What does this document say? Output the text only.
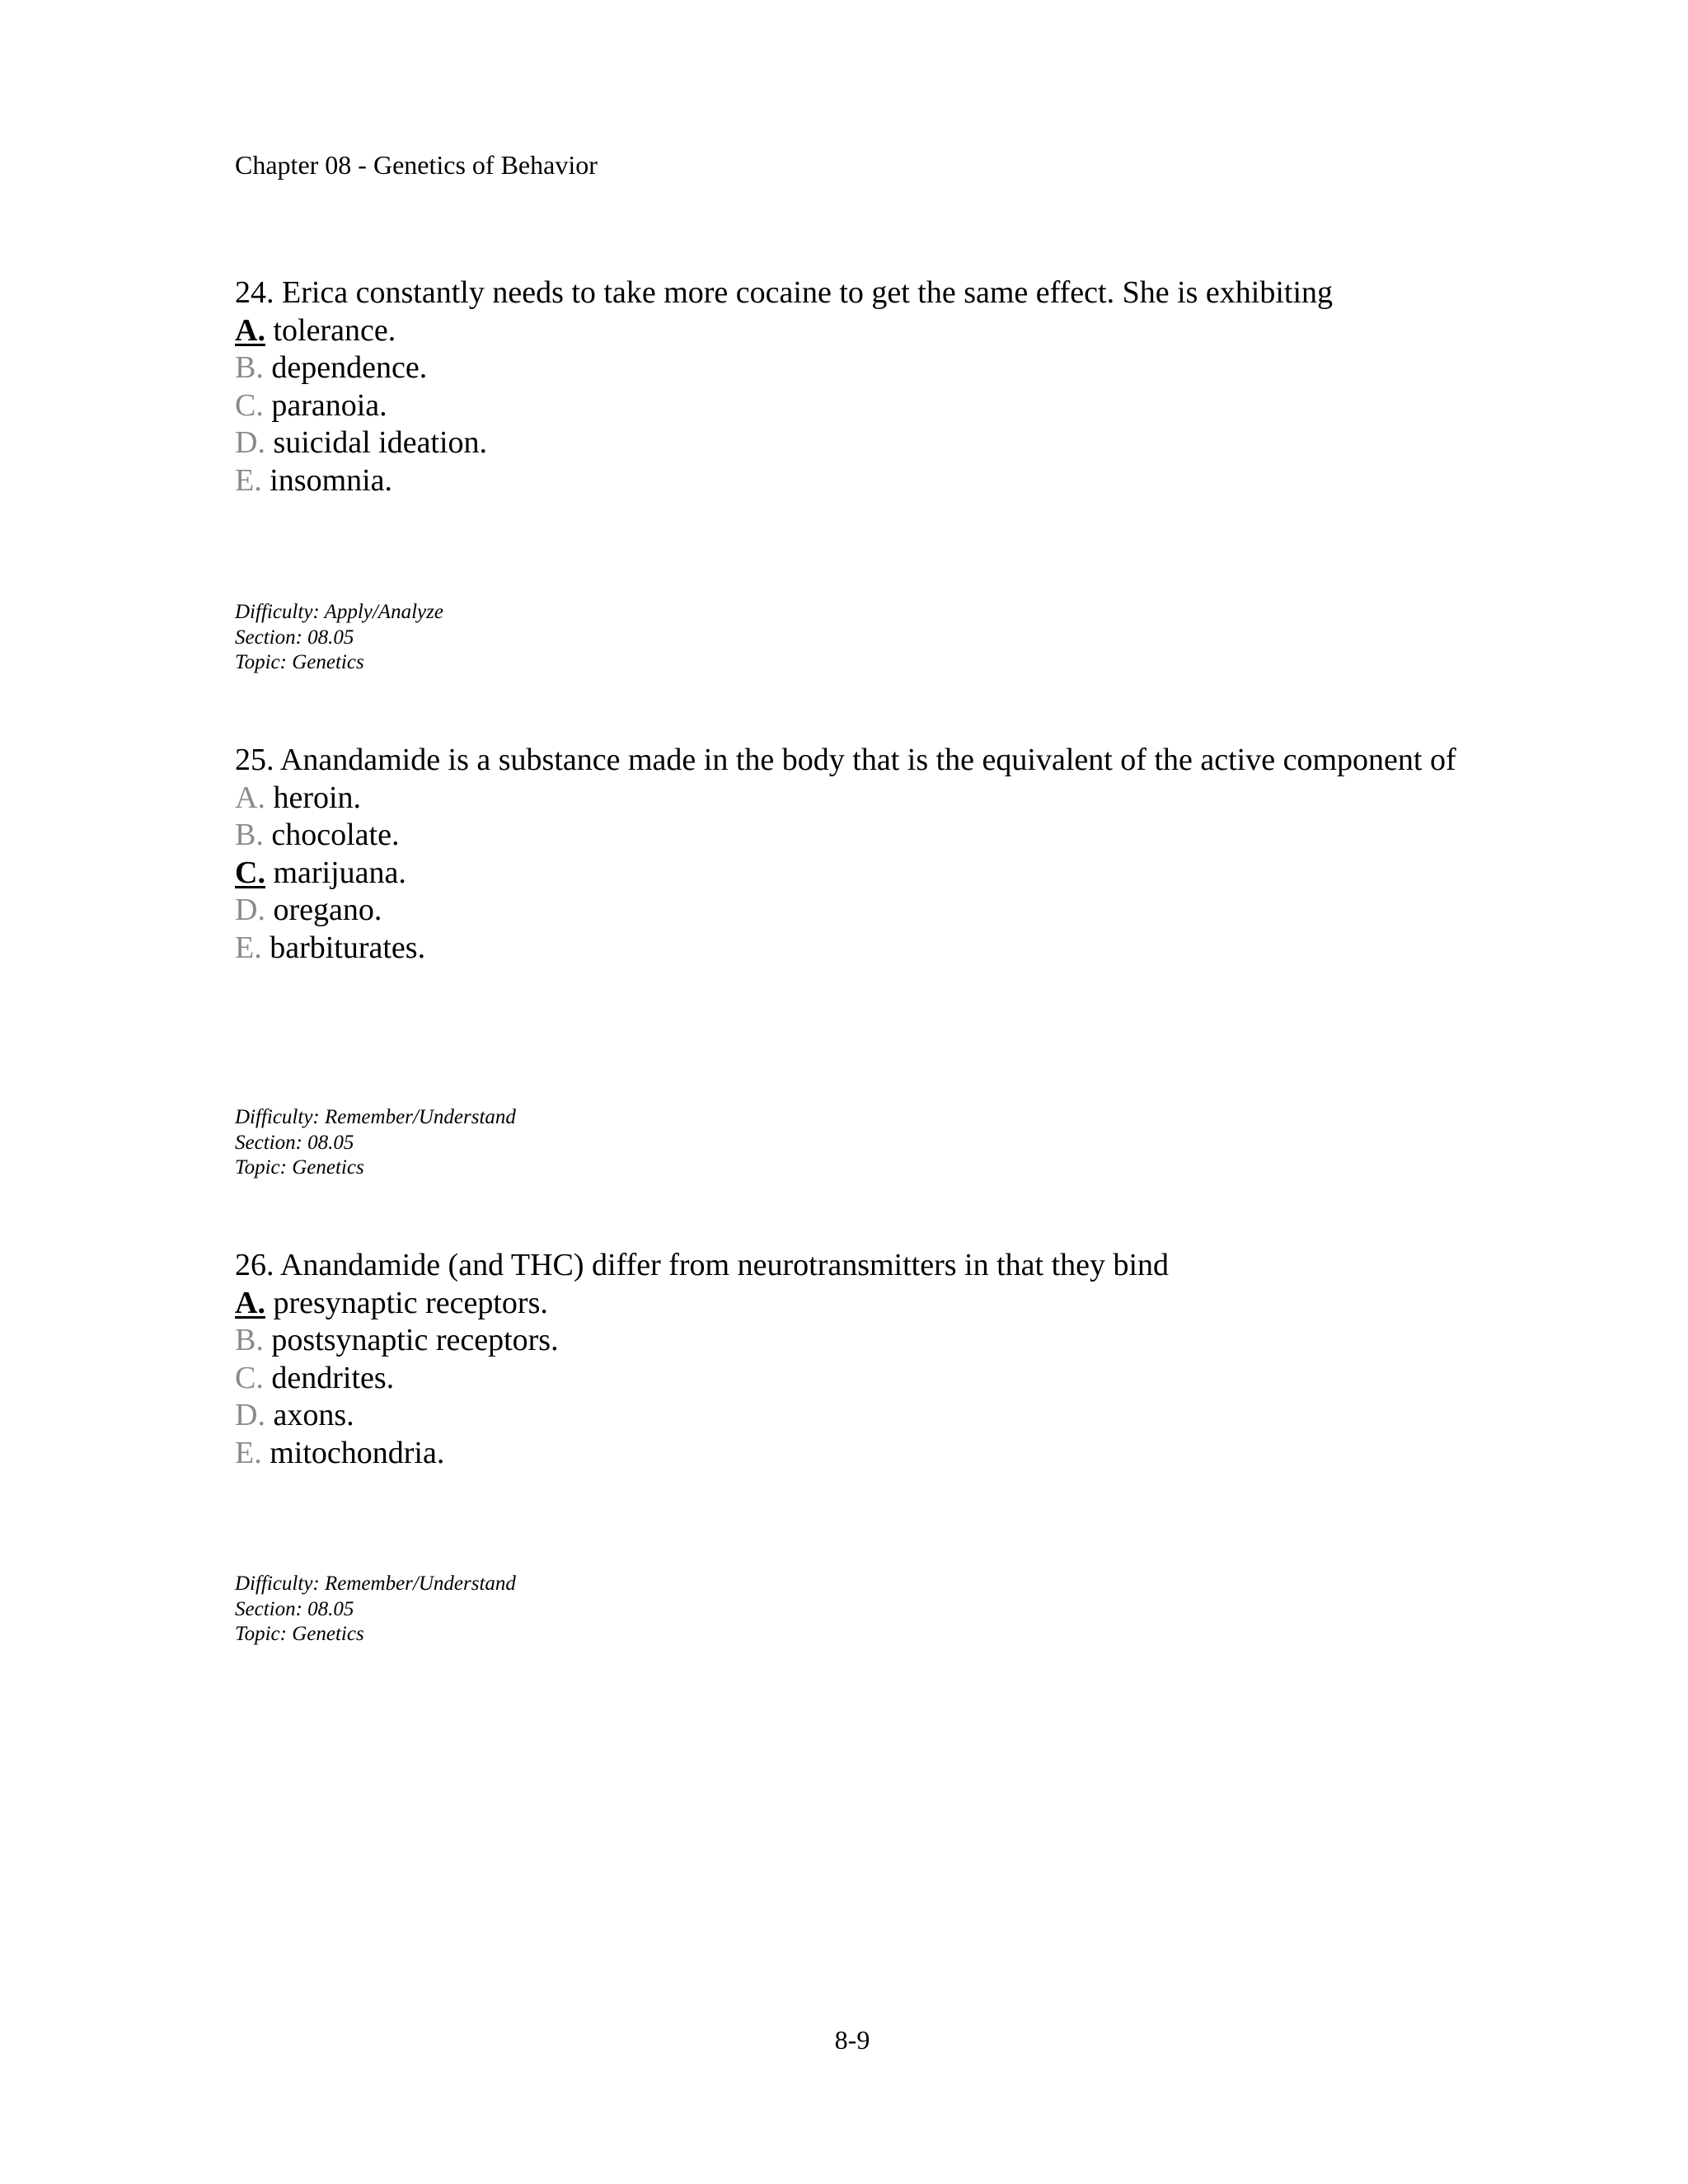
Chapter 08 - Genetics of Behavior
24. Erica constantly needs to take more cocaine to get the same effect. She is exhibiting
A. tolerance.
B. dependence.
C. paranoia.
D. suicidal ideation.
E. insomnia.
Difficulty: Apply/Analyze
Section: 08.05
Topic: Genetics
25. Anandamide is a substance made in the body that is the equivalent of the active component of
A. heroin.
B. chocolate.
C. marijuana.
D. oregano.
E. barbiturates.
Difficulty: Remember/Understand
Section: 08.05
Topic: Genetics
26. Anandamide (and THC) differ from neurotransmitters in that they bind
A. presynaptic receptors.
B. postsynaptic receptors.
C. dendrites.
D. axons.
E. mitochondria.
Difficulty: Remember/Understand
Section: 08.05
Topic: Genetics
8-9
